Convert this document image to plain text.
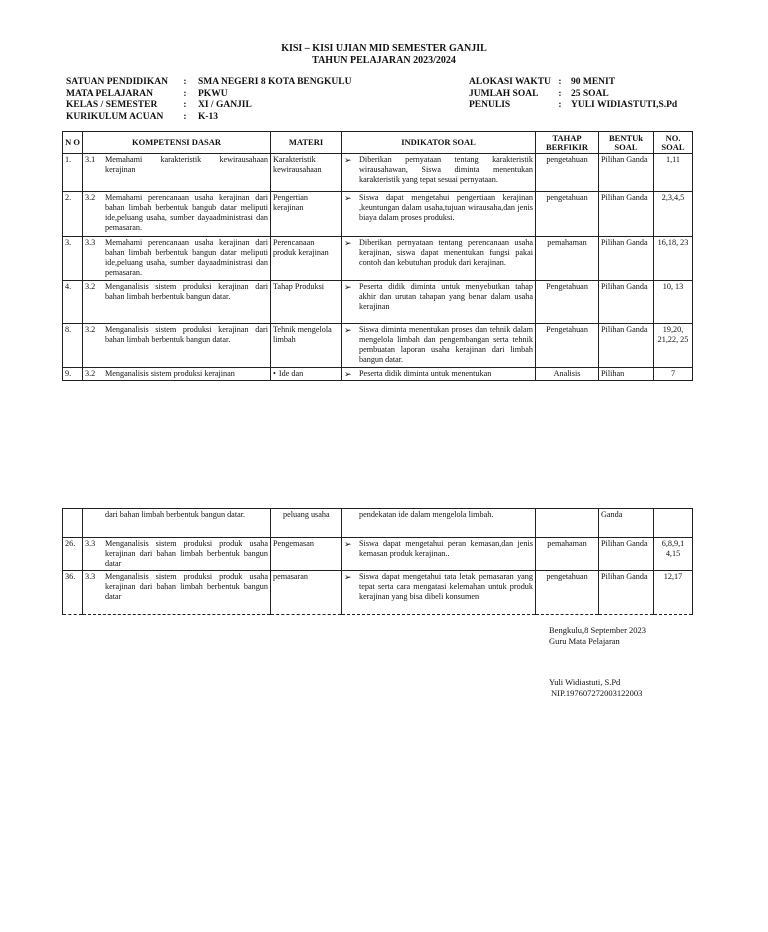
KISI – KISI UJIAN MID SEMESTER GANJIL
TAHUN PELAJARAN 2023/2024
SATUAN PENDIDIKAN : SMA NEGERI 8 KOTA BENGKULU
MATA PELAJARAN	: PKWU
KELAS / SEMESTER	: XI / GANJIL
KURIKULUM ACUAN : K-13
ALOKASI WAKTU : 90 MENIT
JUMLAH SOAL : 25 SOAL
PENULIS	: YULI WIDIASTUTI,S.Pd
N O	KOMPETENSI DASAR	MATERI	INDIKATOR SOAL	TAHAP BERFIKIR	BENTUk SOAL	NO. SOAL
1.	3.1 Memahami karakteristik kewirausahaan kerajinan	Karakteristik kewirausahaan	➢ Diberikan pernyataan tentang karakteristik wirausahawan, Siswa diminta menentukan karakteristik yang tepat sesuai pernyataan.	pengetahuan	Pilihan Ganda	1,11
2.	3.2 Memahami perencanaan usaha kerajinan dari bahan limbah berbentuk bangub datar meliputi ide,peluang usaha, sumber dayaadministrasi dan pemasaran.	Pengertian kerajinan	➢ Siswa dapat mengetahui pengertiaan kerajinan ,keuntungan dalam usaha,tujuan wirausaha,dan jenis biaya dalam proses produksi.	pengetahuan	Pilihan Ganda	2,3,4,5
3.	3.3 Memahami perencanaan usaha kerajinan dari bahan limbah berbentuk bangun datar meliputi ide,peluang usaha, sumber dayaadministrasi dan pemasaran.	Perencanaan produk kerajinan	➢ Diberikan pernyataan tentang perencanaan usaha kerajinan, siswa dapat menentukan fungsi pakai contoh dan kebutuhan produk dari kerajinan.	pemahaman	Pilihan Ganda	16,18, 23
4.	3.2 Menganalisis sistem produksi kerajinan dari bahan limbah berbentuk bangun datar.	Tahap Produksi	➢ Peserta didik diminta untuk menyebutkan tahap akhir dan urutan tahapan yang benar dalam usaha kerajinan	Pengetahuan	Pilihan Ganda	10, 13
8.	3.2 Menganalisis sistem produksi kerajinan dari bahan limbah berbentuk bangun datar.	Tehnik mengelola limbah	➢ Siswa diminta menentukan proses dan tehnik dalam mengelola limbah dan pengembangan serta tehnik pembuatan laporan usaha kerajinan dari limbah bangun datar.	Pengetahuan	Pilihan Ganda	19,20, 21,22, 25
9.	3.2 Menganalisis sistem produksi kerajinan	• Ide dan	➢ Peserta didik diminta untuk menentukan	Analisis	Pilihan	7

	dari bahan limbah berbentuk bangun datar.	peluang usaha	pendekatan ide dalam mengelola limbah.		Ganda	
26.	3.3 Menganalisis sistem produksi produk usaha kerajinan dari bahan limbah berbentuk bangun datar	Pengemasan	➢ Siswa dapat mengetahui peran kemasan,dan jenis kemasan produk kerajinan..	pemahaman	Pilihan Ganda	6,8,9,1 4,15
36.	3.3 Menganalisis sistem produksi produk usaha kerajinan dari bahan limbah berbentuk bangun datar	pemasaran	➢ Siswa dapat mengetahui tata letak pemasaran yang tepat serta cara mengatasi kelemahan untuk produk kerajinan yang bisa dibeli konsumen	pengetahuan	Pilihan Ganda	12,17
Bengkulu,8 September 2023
Guru Mata Pelajaran
Yuli Widiastuti, S.Pd
NIP.197607272003122003
